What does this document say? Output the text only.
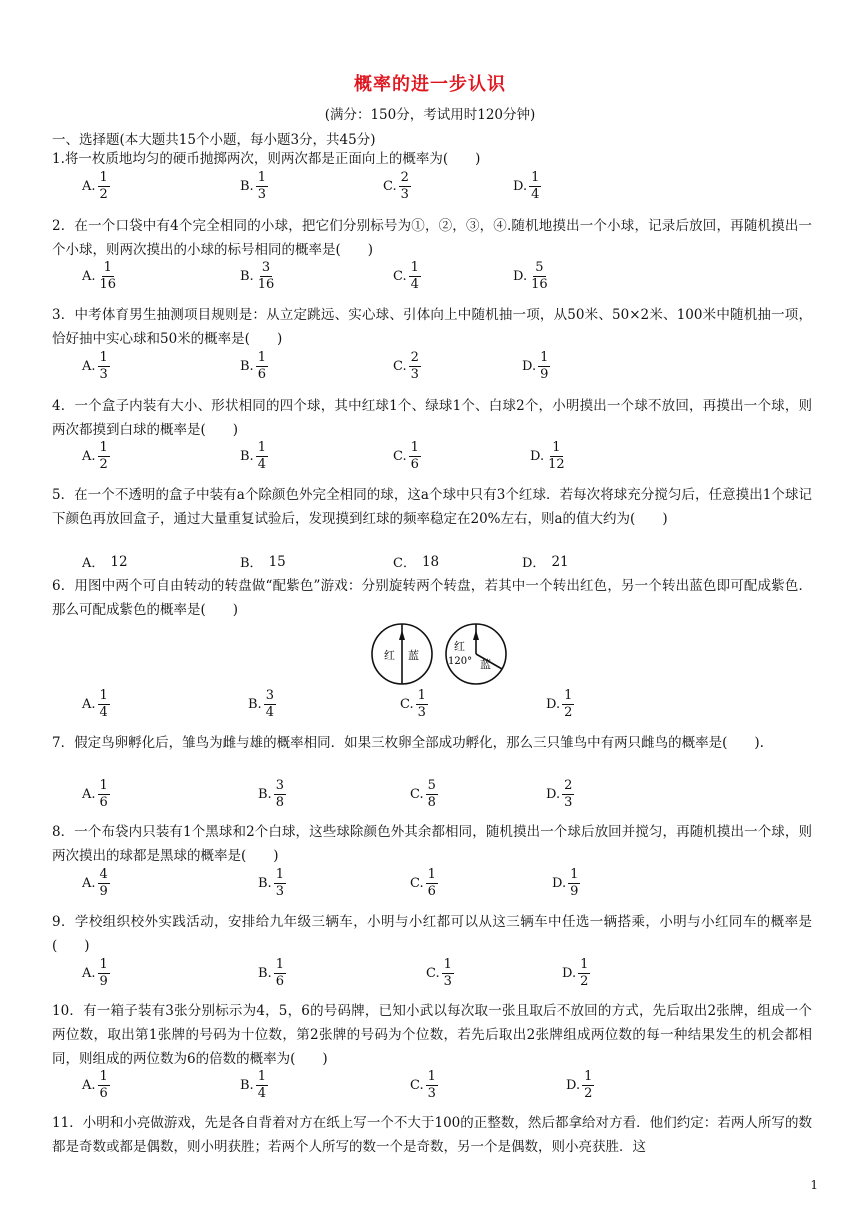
概率的进一步认识
(满分：150分，考试用时120分钟)
一、选择题(本大题共15个小题，每小题3分，共45分)
1.将一枚质地均匀的硬币抛掷两次，则两次都是正面向上的概率为(　　)
A. $\frac{1}{2}$	B. $\frac{1}{3}$	C. $\frac{2}{3}$	D. $\frac{1}{4}$
2．在一个口袋中有4个完全相同的小球，把它们分别标号为①，②，③，④.随机地摸出一个小球，记录后放回，再随机摸出一个小球，则两次摸出的小球的标号相同的概率是(　　)
A. $\frac{1}{16}$	B. $\frac{3}{16}$	C. $\frac{1}{4}$	D. $\frac{5}{16}$
3．中考体育男生抽测项目规则是：从立定跳远、实心球、引体向上中随机抽一项，从50米、50×2米、100米中随机抽一项，恰好抽中实心球和50米的概率是(　　)
A. $\frac{1}{3}$	B. $\frac{1}{6}$	C. $\frac{2}{3}$	D. $\frac{1}{9}$
4．一个盒子内装有大小、形状相同的四个球，其中红球1个、绿球1个、白球2个，小明摸出一个球不放回，再摸出一个球，则两次都摸到白球的概率是(　　)
A. $\frac{1}{2}$	B. $\frac{1}{4}$	C. $\frac{1}{6}$	D. $\frac{1}{12}$
5．在一个不透明的盒子中装有a个除颜色外完全相同的球，这a个球中只有3个红球．若每次将球充分搅匀后，任意摸出1个球记下颜色再放回盒子，通过大量重复试验后，发现摸到红球的频率稳定在20%左右，则a的值大约为(　　)
A． 12	B． 15	C． 18	D． 21
6．用图中两个可自由转动的转盘做“配紫色”游戏：分别旋转两个转盘，若其中一个转出红色，另一个转出蓝色即可配成紫色．那么可配成紫色的概率是(　　)
A. $\frac{1}{4}$	B. $\frac{3}{4}$	C. $\frac{1}{3}$	D. $\frac{1}{2}$
7．假定鸟卵孵化后，雏鸟为雌与雄的概率相同．如果三枚卵全部成功孵化，那么三只雏鸟中有两只雌鸟的概率是(　　).
A. $\frac{1}{6}$	B. $\frac{3}{8}$	C. $\frac{5}{8}$	D. $\frac{2}{3}$
8．一个布袋内只装有1个黑球和2个白球，这些球除颜色外其余都相同，随机摸出一个球后放回并搅匀，再随机摸出一个球，则两次摸出的球都是黑球的概率是(　　)
A. $\frac{4}{9}$	B. $\frac{1}{3}$	C. $\frac{1}{6}$	D. $\frac{1}{9}$
9．学校组织校外实践活动，安排给九年级三辆车，小明与小红都可以从这三辆车中任选一辆搭乘，小明与小红同车的概率是(　　)
A. $\frac{1}{9}$	B. $\frac{1}{6}$	C. $\frac{1}{3}$	D. $\frac{1}{2}$
10．有一箱子装有3张分别标示为4，5，6的号码牌，已知小武以每次取一张且取后不放回的方式，先后取出2张牌，组成一个两位数，取出第1张牌的号码为十位数，第2张牌的号码为个位数，若先后取出2张牌组成两位数的每一种结果发生的机会都相同，则组成的两位数为6的倍数的概率为(　　)
A. $\frac{1}{6}$	B. $\frac{1}{4}$	C. $\frac{1}{3}$	D. $\frac{1}{2}$
11．小明和小亮做游戏，先是各自背着对方在纸上写一个不大于100的正整数，然后都拿给对方看．他们约定：若两人所写的数都是奇数或都是偶数，则小明获胜；若两个人所写的数一个是奇数，另一个是偶数，则小亮获胜．这
红 蓝
红
120° 蓝
1
